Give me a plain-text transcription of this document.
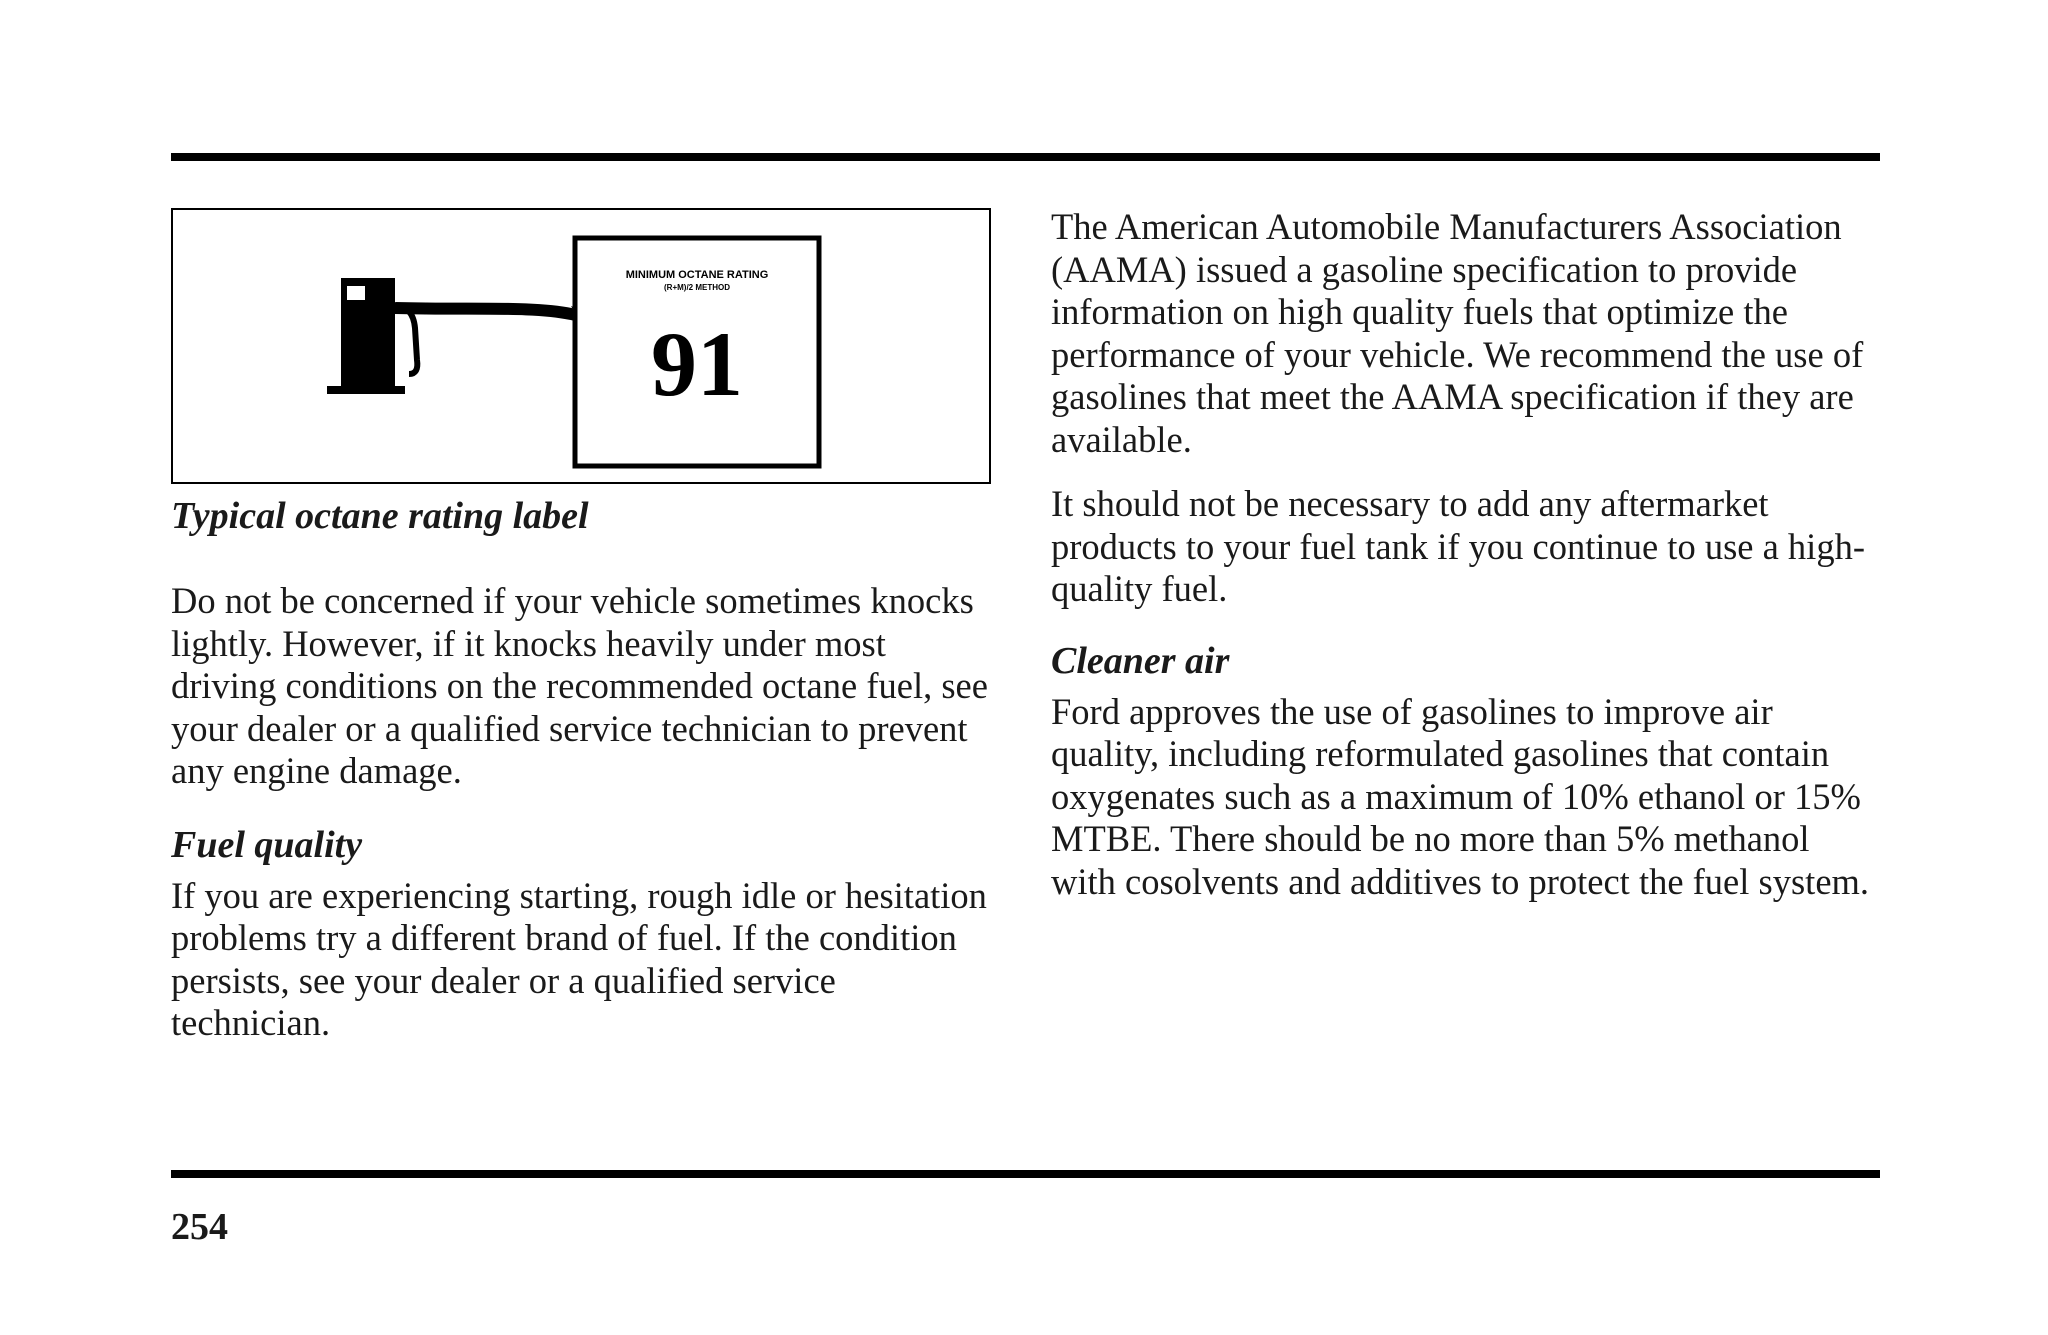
MINIMUM OCTANE RATING
(R+M)/2 METHOD
91
Typical octane rating label

Do not be concerned if your vehicle sometimes knocks lightly. However, if it knocks heavily under most driving conditions on the recommended octane fuel, see your dealer or a qualified service technician to prevent any engine damage.

Fuel quality

If you are experiencing starting, rough idle or hesitation problems try a different brand of fuel. If the condition persists, see your dealer or a qualified service technician.

The American Automobile Manufacturers Association (AAMA) issued a gasoline specification to provide information on high quality fuels that optimize the performance of your vehicle. We recommend the use of gasolines that meet the AAMA specification if they are available.

It should not be necessary to add any aftermarket products to your fuel tank if you continue to use a high-quality fuel.

Cleaner air

Ford approves the use of gasolines to improve air quality, including reformulated gasolines that contain oxygenates such as a maximum of 10% ethanol or 15% MTBE. There should be no more than 5% methanol with cosolvents and additives to protect the fuel system.

254
